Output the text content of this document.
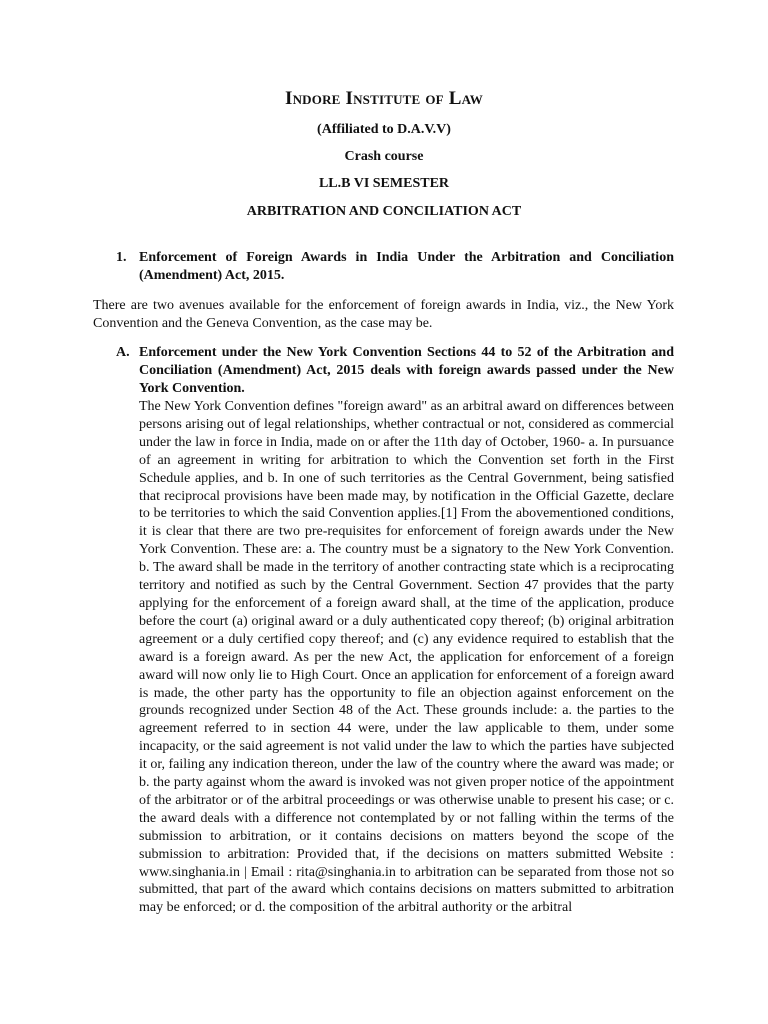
Indore Institute of Law
(Affiliated to D.A.V.V)
Crash course
LL.B VI SEMESTER
ARBITRATION AND CONCILIATION ACT
1. Enforcement of Foreign Awards in India Under the Arbitration and Conciliation (Amendment) Act, 2015.
There are two avenues available for the enforcement of foreign awards in India, viz., the New York Convention and the Geneva Convention, as the case may be.
A. Enforcement under the New York Convention Sections 44 to 52 of the Arbitration and Conciliation (Amendment) Act, 2015 deals with foreign awards passed under the New York Convention.
The New York Convention defines "foreign award" as an arbitral award on differences between persons arising out of legal relationships, whether contractual or not, considered as commercial under the law in force in India, made on or after the 11th day of October, 1960- a. In pursuance of an agreement in writing for arbitration to which the Convention set forth in the First Schedule applies, and b. In one of such territories as the Central Government, being satisfied that reciprocal provisions have been made may, by notification in the Official Gazette, declare to be territories to which the said Convention applies.[1] From the abovementioned conditions, it is clear that there are two pre-requisites for enforcement of foreign awards under the New York Convention. These are: a. The country must be a signatory to the New York Convention. b. The award shall be made in the territory of another contracting state which is a reciprocating territory and notified as such by the Central Government. Section 47 provides that the party applying for the enforcement of a foreign award shall, at the time of the application, produce before the court (a) original award or a duly authenticated copy thereof; (b) original arbitration agreement or a duly certified copy thereof; and (c) any evidence required to establish that the award is a foreign award. As per the new Act, the application for enforcement of a foreign award will now only lie to High Court. Once an application for enforcement of a foreign award is made, the other party has the opportunity to file an objection against enforcement on the grounds recognized under Section 48 of the Act. These grounds include: a. the parties to the agreement referred to in section 44 were, under the law applicable to them, under some incapacity, or the said agreement is not valid under the law to which the parties have subjected it or, failing any indication thereon, under the law of the country where the award was made; or b. the party against whom the award is invoked was not given proper notice of the appointment of the arbitrator or of the arbitral proceedings or was otherwise unable to present his case; or c. the award deals with a difference not contemplated by or not falling within the terms of the submission to arbitration, or it contains decisions on matters beyond the scope of the submission to arbitration: Provided that, if the decisions on matters submitted Website : www.singhania.in | Email : rita@singhania.in to arbitration can be separated from those not so submitted, that part of the award which contains decisions on matters submitted to arbitration may be enforced; or d. the composition of the arbitral authority or the arbitral
